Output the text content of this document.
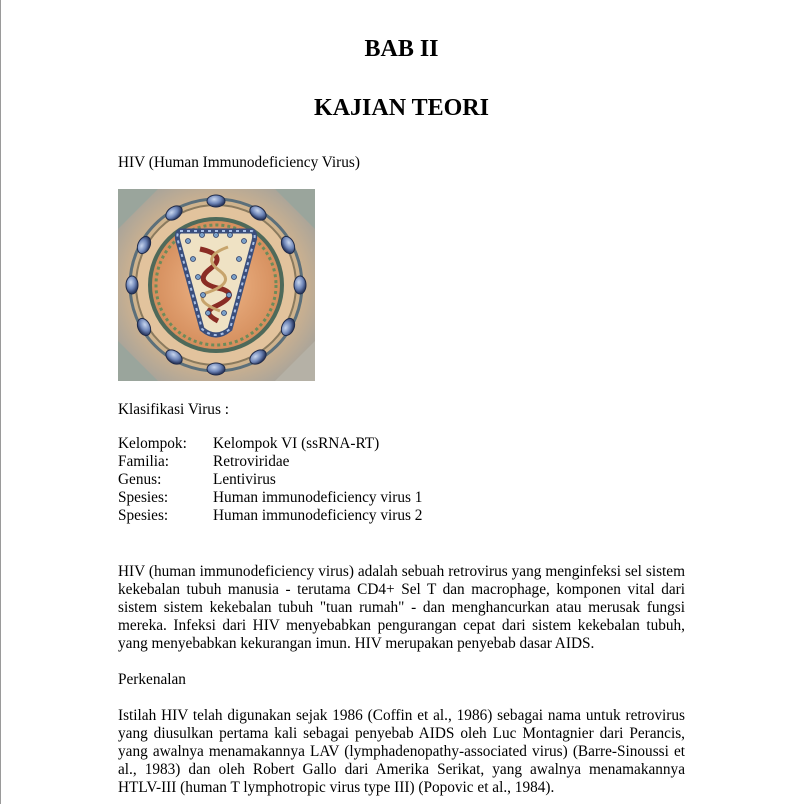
BAB II
KAJIAN TEORI

HIV (Human Immunodeficiency Virus)

Klasifikasi Virus :

Kelompok:	Kelompok VI (ssRNA-RT)
Familia:	Retroviridae
Genus:	Lentivirus
Spesies:	Human immunodeficiency virus 1
Spesies:	Human immunodeficiency virus 2

HIV (human immunodeficiency virus) adalah sebuah retrovirus yang menginfeksi sel sistem kekebalan tubuh manusia - terutama CD4+ Sel T dan macrophage, komponen vital dari sistem sistem kekebalan tubuh "tuan rumah" - dan menghancurkan atau merusak fungsi mereka. Infeksi dari HIV menyebabkan pengurangan cepat dari sistem kekebalan tubuh, yang menyebabkan kekurangan imun. HIV merupakan penyebab dasar AIDS.

Perkenalan

Istilah HIV telah digunakan sejak 1986 (Coffin et al., 1986) sebagai nama untuk retrovirus yang diusulkan pertama kali sebagai penyebab AIDS oleh Luc Montagnier dari Perancis, yang awalnya menamakannya LAV (lymphadenopathy-associated virus) (Barre-Sinoussi et al., 1983) dan oleh Robert Gallo dari Amerika Serikat, yang awalnya menamakannya HTLV-III (human T lymphotropic virus type III) (Popovic et al., 1984).
